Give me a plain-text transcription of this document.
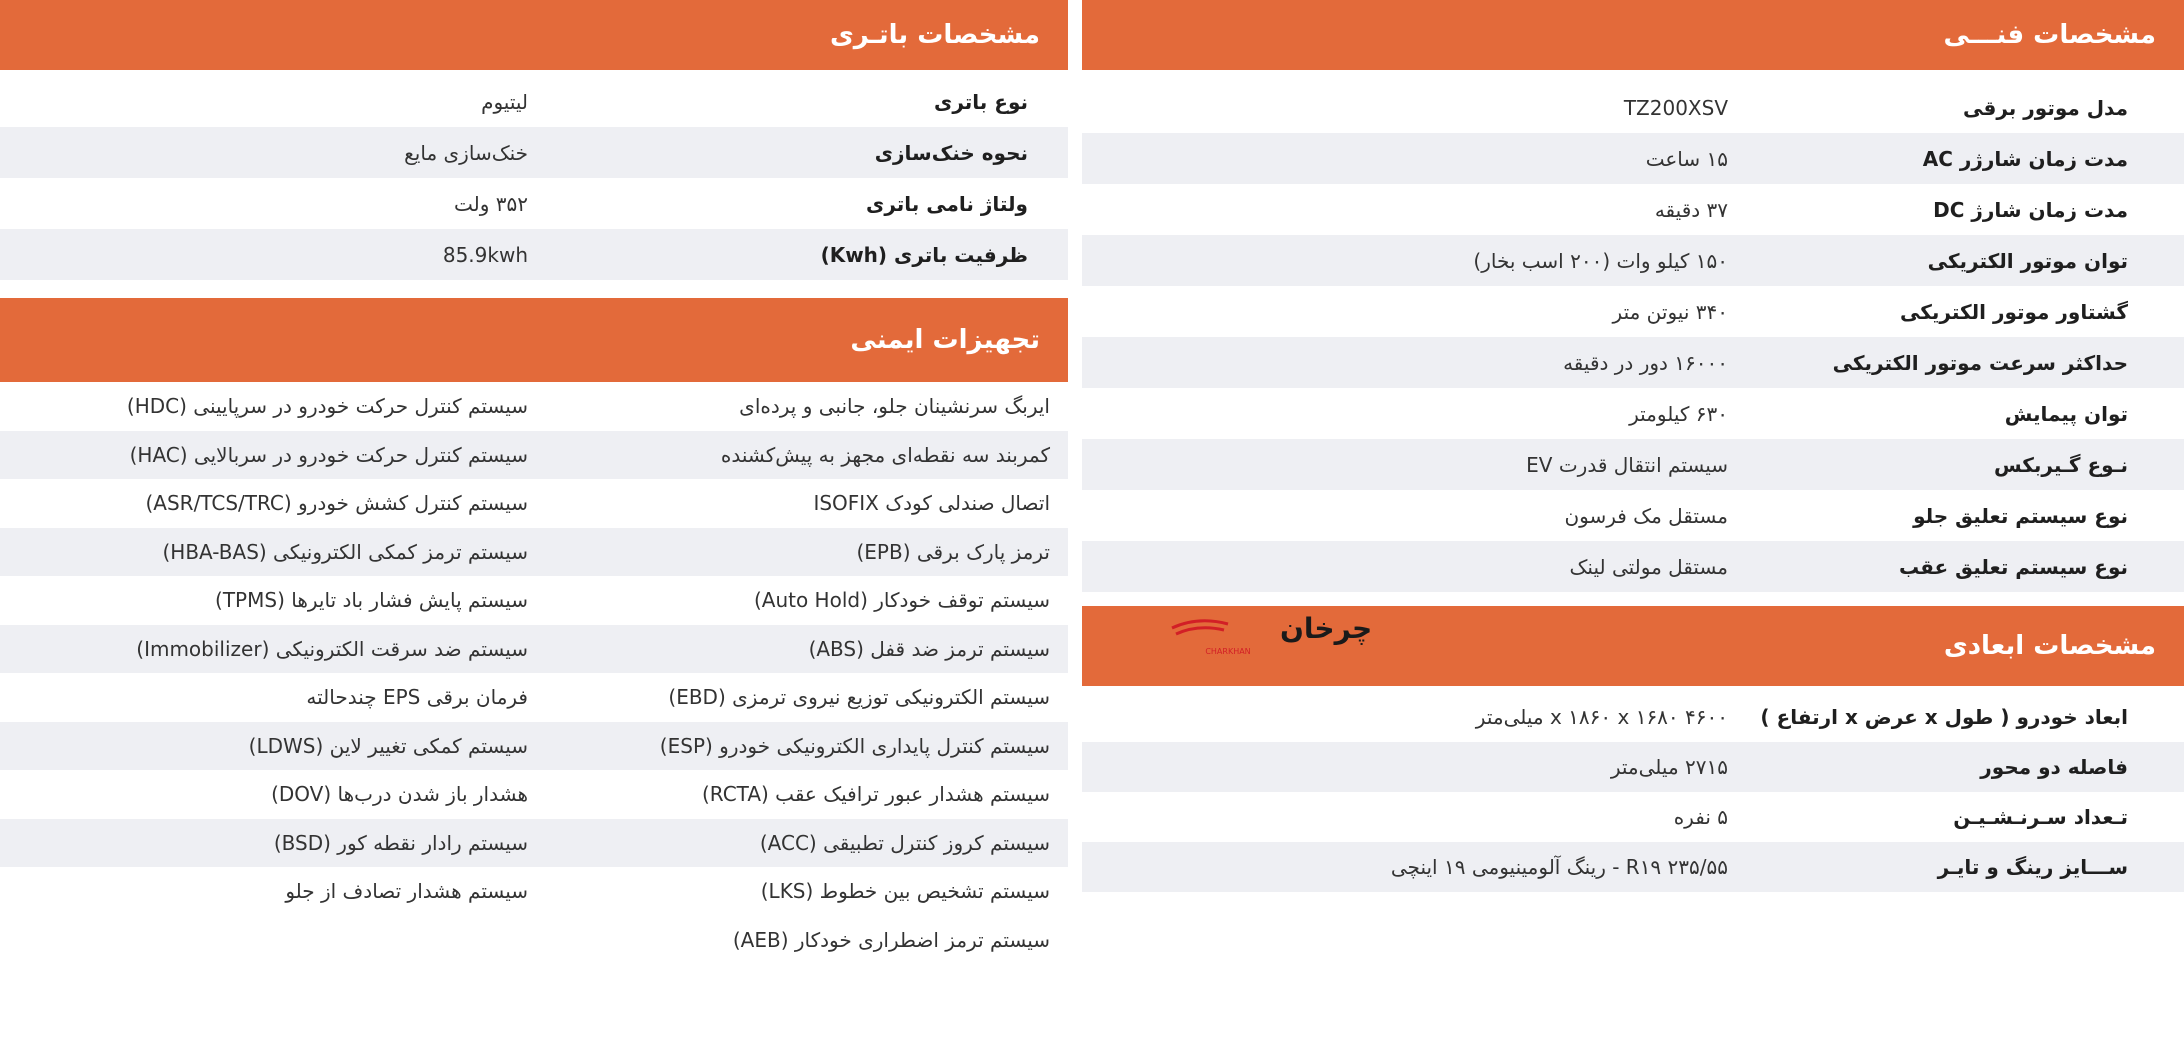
مشخصات فنـــی
مدل موتور برقی
TZ200XSV
مدت زمان شارژر AC
۱۵ ساعت
مدت زمان شارژ DC
۳۷ دقیقه
توان موتور الکتریکی
۱۵۰ کیلو وات (۲۰۰ اسب بخار)
گشتاور موتور الکتریکی
۳۴۰ نیوتن متر
حداکثر سرعت موتور الکتریکی
۱۶۰۰۰ دور در دقیقه
توان پیمایش
۶۳۰ کیلومتر
نـوع گـیربکس
سیستم انتقال قدرت EV
نوع سیستم تعلیق جلو
مستقل مک فرسون
نوع سیستم تعلیق عقب
مستقل مولتی لینک
مشخصات ابعادی
ابعاد خودرو ( طول x عرض x ارتفاع )
۴۶۰۰ x ۱۸۶۰ x ۱۶۸۰ میلی‌متر
فاصله دو محور
۲۷۱۵ میلی‌متر
تـعداد سـرنـشـیـن
۵ نفره
ســـایز رینگ و تایـر
۲۳۵/۵۵ R۱۹ - رینگ آلومینیومی ۱۹ اینچی
چرخان
CHARKHAN
مشخصات باتـری
نوع باتری
لیتیوم
نحوه خنک‌سازی
خنک‌سازی مایع
ولتاژ نامی باتری
۳۵۲ ولت
ظرفیت باتری (Kwh)
85.9kwh
تجهیزات ایمنی
ایربگ سرنشینان جلو، جانبی و پرده‌ای
سیستم کنترل حرکت خودرو در سرپایینی (HDC)
کمربند سه نقطه‌ای مجهز به پیش‌کشنده
سیستم کنترل حرکت خودرو در سربالایی (HAC)
اتصال صندلی کودک ISOFIX
سیستم کنترل کشش خودرو (ASR/TCS/TRC)
ترمز پارک برقی (EPB)
سیستم ترمز کمکی الکترونیکی (HBA-BAS)
سیستم توقف خودکار (Auto Hold)
سیستم پایش فشار باد تایرها (TPMS)
سیستم ترمز ضد قفل (ABS)
سیستم ضد سرقت الکترونیکی (Immobilizer)
سیستم الکترونیکی توزیع نیروی ترمزی (EBD)
فرمان برقی EPS چندحالته
سیستم کنترل پایداری الکترونیکی خودرو (ESP)
سیستم کمکی تغییر لاین (LDWS)
سیستم هشدار عبور ترافیک عقب (RCTA)
هشدار باز شدن درب‌ها (DOV)
سیستم کروز کنترل تطبیقی (ACC)
سیستم رادار نقطه کور (BSD)
سیستم تشخیص بین خطوط (LKS)
سیستم هشدار تصادف از جلو
سیستم ترمز اضطراری خودکار (AEB)
